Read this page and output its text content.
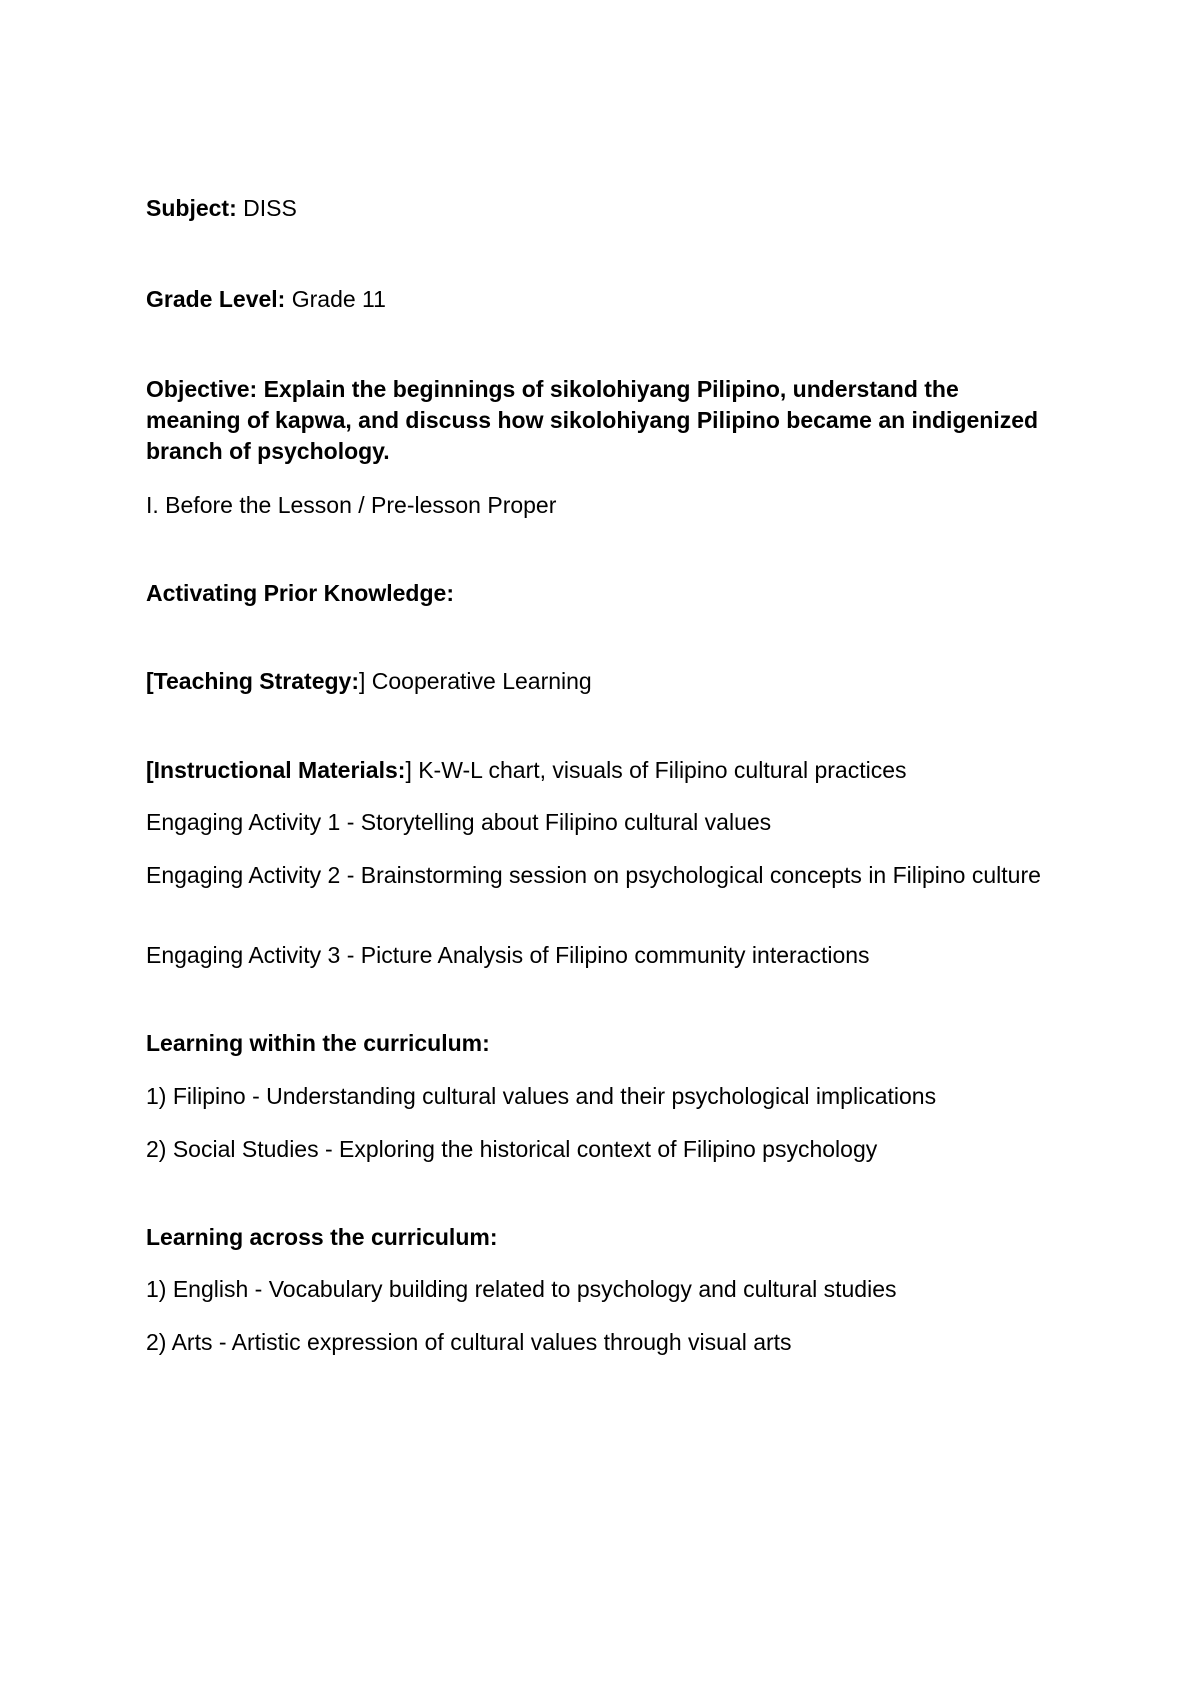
Subject: DISS

Grade Level: Grade 11

Objective: Explain the beginnings of sikolohiyang Pilipino, understand the meaning of kapwa, and discuss how sikolohiyang Pilipino became an indigenized branch of psychology.

I. Before the Lesson / Pre-lesson Proper

Activating Prior Knowledge:

[Teaching Strategy:] Cooperative Learning

[Instructional Materials:] K-W-L chart, visuals of Filipino cultural practices

Engaging Activity 1 - Storytelling about Filipino cultural values

Engaging Activity 2 - Brainstorming session on psychological concepts in Filipino culture

Engaging Activity 3 - Picture Analysis of Filipino community interactions

Learning within the curriculum:

1) Filipino - Understanding cultural values and their psychological implications

2) Social Studies - Exploring the historical context of Filipino psychology

Learning across the curriculum:

1) English - Vocabulary building related to psychology and cultural studies

2) Arts - Artistic expression of cultural values through visual arts
